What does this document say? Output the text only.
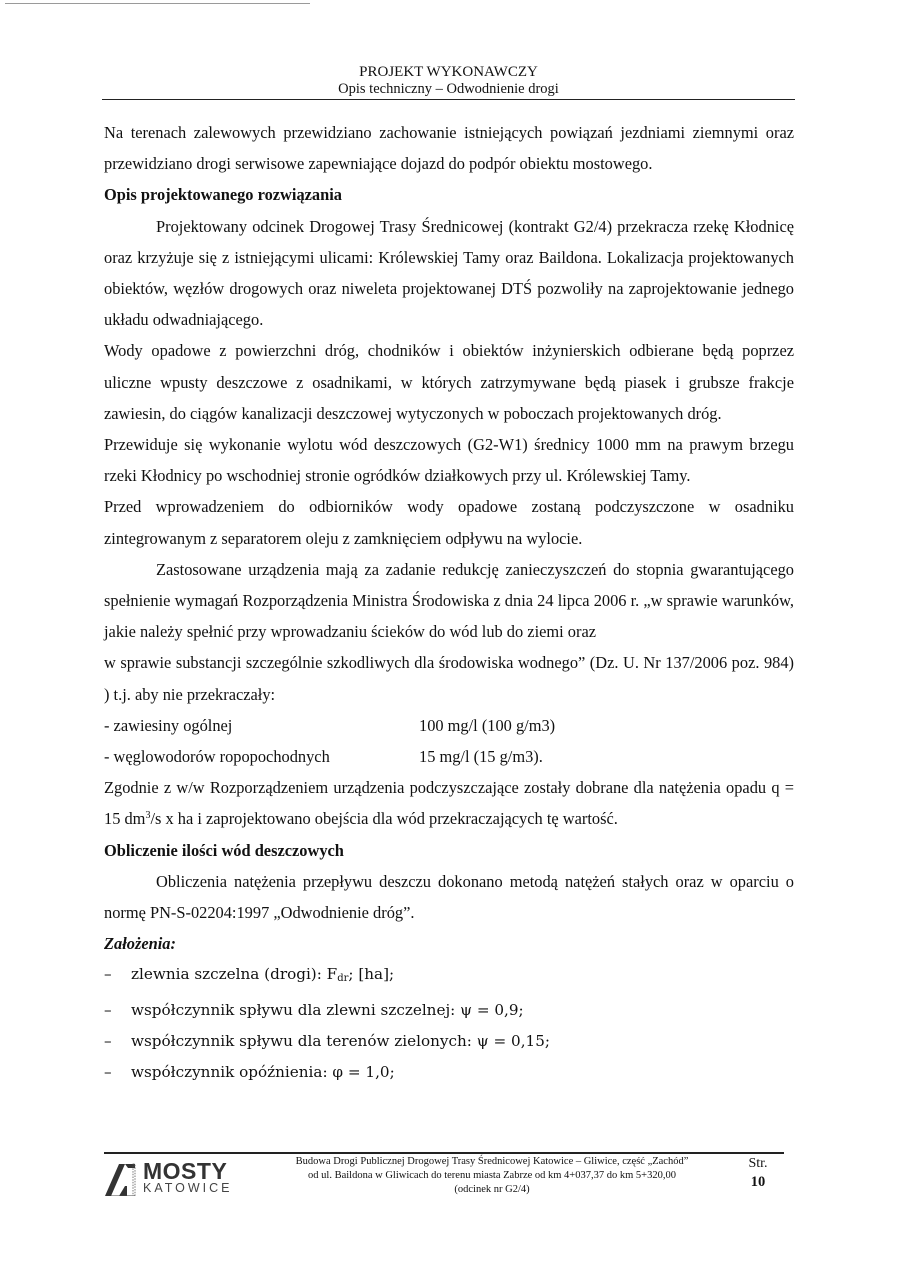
PROJEKT WYKONAWCZY
Opis techniczny – Odwodnienie drogi

Na terenach zalewowych przewidziano zachowanie istniejących powiązań jezdniami ziemnymi oraz przewidziano drogi serwisowe zapewniające dojazd do podpór obiektu mostowego.

Opis projektowanego rozwiązania

Projektowany odcinek Drogowej Trasy Średnicowej (kontrakt G2/4) przekracza rzekę Kłodnicę oraz krzyżuje się z istniejącymi ulicami: Królewskiej Tamy oraz Baildona. Lokalizacja projektowanych obiektów, węzłów drogowych oraz niweleta projektowanej DTŚ pozwoliły na zaprojektowanie jednego układu odwadniającego.

Wody opadowe z powierzchni dróg, chodników i obiektów inżynierskich odbierane będą poprzez uliczne wpusty deszczowe z osadnikami, w których zatrzymywane będą piasek i grubsze frakcje zawiesin, do ciągów kanalizacji deszczowej wytyczonych w poboczach projektowanych dróg.

Przewiduje się wykonanie wylotu wód deszczowych (G2-W1) średnicy 1000 mm na prawym brzegu rzeki Kłodnicy po wschodniej stronie ogródków działkowych przy ul. Królewskiej Tamy.

Przed wprowadzeniem do odbiorników wody opadowe zostaną podczyszczone w osadniku zintegrowanym z separatorem oleju z zamknięciem odpływu na wylocie.

Zastosowane urządzenia mają za zadanie redukcję zanieczyszczeń do stopnia gwarantującego spełnienie wymagań Rozporządzenia Ministra Środowiska z dnia 24 lipca 2006 r. „w sprawie warunków, jakie należy spełnić przy wprowadzaniu ścieków do wód lub do ziemi oraz

w sprawie substancji szczególnie szkodliwych dla środowiska wodnego” (Dz. U. Nr 137/2006 poz. 984) ) t.j. aby nie przekraczały:

- zawiesiny ogólnej	100 mg/l (100 g/m3)
- węglowodorów ropopochodnych	15 mg/l (15 g/m3).

Zgodnie z w/w Rozporządzeniem urządzenia podczyszczające zostały dobrane dla natężenia opadu q = 15 $dm^3/s$ x ha i zaprojektowano obejścia dla wód przekraczających tę wartość.

Obliczenie ilości wód deszczowych

Obliczenia natężenia przepływu deszczu dokonano metodą natężeń stałych oraz w oparciu o normę PN-S-02204:1997 „Odwodnienie dróg”.

Założenia:

–	zlewnia szczelna (drogi): $F_{dr}$; [ha];
–	współczynnik spływu dla zlewni szczelnej: ψ = 0,9;
–	współczynnik spływu dla terenów zielonych: ψ = 0,15;
–	współczynnik opóźnienia: φ = 1,0;
MOSTY
KATOWICE
Budowa Drogi Publicznej Drogowej Trasy Średnicowej Katowice – Gliwice, część „Zachód”
od ul. Baildona w Gliwicach do terenu miasta Zabrze od km 4+037,37 do km 5+320,00
(odcinek nr G2/4)
Str.
10
